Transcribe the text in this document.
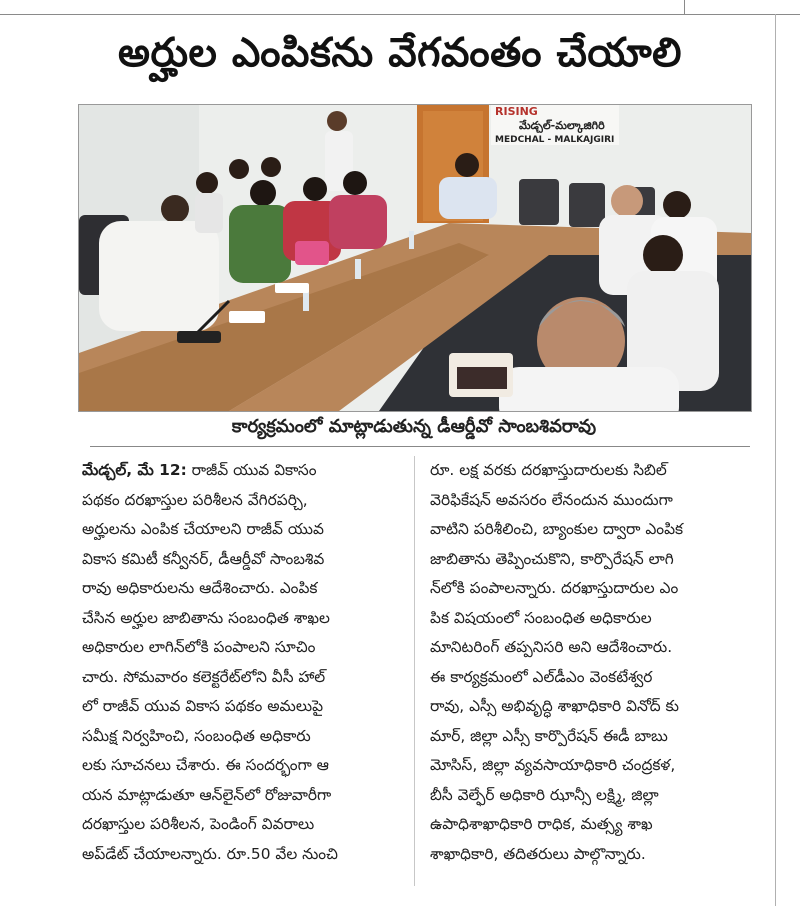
అర్హుల ఎంపికను వేగవంతం చేయాలి
RISING
మేడ్చల్-మల్కాజిగిరి
MEDCHAL - MALKAJGIRI
కార్యక్రమంలో మాట్లాడుతున్న డీఆర్డీవో సాంబశివరావు
మేడ్చల్, మే 12: రాజీవ్ యువ వికాసం
పథకం దరఖాస్తుల పరిశీలన వేగిరపర్చి,
అర్హులను ఎంపిక చేయాలని రాజీవ్ యువ
వికాస కమిటీ కన్వీనర్, డీఆర్డీవో సాంబశివ
రావు అధికారులను ఆదేశించారు. ఎంపిక
చేసిన అర్హుల జాబితాను సంబంధిత శాఖల
అధికారుల లాగిన్‌లోకి పంపాలని సూచిం
చారు. సోమవారం కలెక్టరేట్‌లోని వీసీ హాల్
లో రాజీవ్ యువ వికాస పథకం అమలుపై
సమీక్ష నిర్వహించి, సంబంధిత అధికారు
లకు సూచనలు చేశారు. ఈ సందర్భంగా ఆ
యన మాట్లాడుతూ ఆన్‌లైన్‌లో రోజువారీగా
దరఖాస్తుల పరిశీలన, పెండింగ్ వివరాలు
అప్‌డేట్ చేయాలన్నారు. రూ.50 వేల నుంచి
రూ. లక్ష వరకు దరఖాస్తుదారులకు సిబిల్
వెరిఫికేషన్ అవసరం లేనందున ముందుగా
వాటిని పరిశీలించి, బ్యాంకుల ద్వారా ఎంపిక
జాబితాను తెప్పించుకొని, కార్పొరేషన్ లాగి
న్‌లోకి పంపాలన్నారు. దరఖాస్తుదారుల ఎం
పిక విషయంలో సంబంధిత అధికారుల
మానిటరింగ్ తప్పనిసరి అని ఆదేశించారు.
ఈ కార్యక్రమంలో ఎల్‌డీఎం వెంకటేశ్వర
రావు, ఎస్సీ అభివృద్ధి శాఖాధికారి వినోద్ కు
మార్, జిల్లా ఎస్సీ కార్పొరేషన్ ఈడీ బాబు
మోసిస్, జిల్లా వ్యవసాయాధికారి చంద్రకళ,
బీసీ వెల్ఫేర్ అధికారి ఝాన్సీ లక్ష్మి, జిల్లా
ఉపాధిశాఖాధికారి రాధిక, మత్స్య శాఖ
శాఖాధికారి, తదితరులు పాల్గొన్నారు.
